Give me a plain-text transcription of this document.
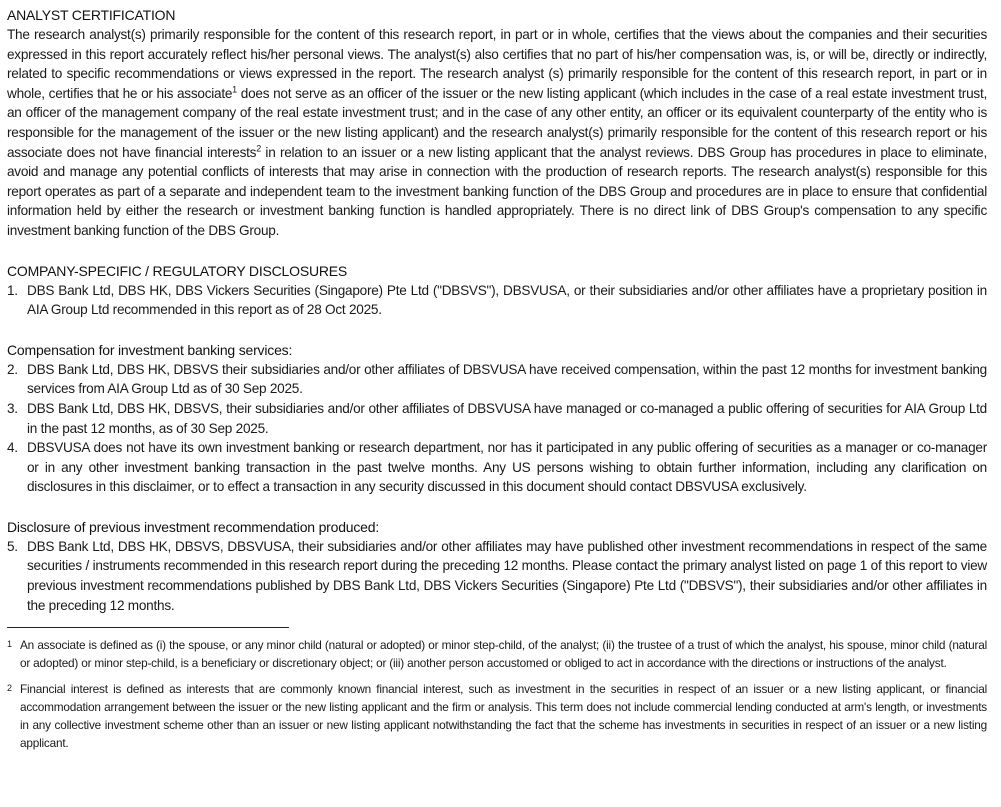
ANALYST CERTIFICATION

The research analyst(s) primarily responsible for the content of this research report, in part or in whole, certifies that the views about the companies and their securities expressed in this report accurately reflect his/her personal views. The analyst(s) also certifies that no part of his/her compensation was, is, or will be, directly or indirectly, related to specific recommendations or views expressed in the report. The research analyst (s) primarily responsible for the content of this research report, in part or in whole, certifies that he or his associate$^1$ does not serve as an officer of the issuer or the new listing applicant (which includes in the case of a real estate investment trust, an officer of the management company of the real estate investment trust; and in the case of any other entity, an officer or its equivalent counterparty of the entity who is responsible for the management of the issuer or the new listing applicant) and the research analyst(s) primarily responsible for the content of this research report or his associate does not have financial interests$^2$ in relation to an issuer or a new listing applicant that the analyst reviews. DBS Group has procedures in place to eliminate, avoid and manage any potential conflicts of interests that may arise in connection with the production of research reports. The research analyst(s) responsible for this report operates as part of a separate and independent team to the investment banking function of the DBS Group and procedures are in place to ensure that confidential information held by either the research or investment banking function is handled appropriately. There is no direct link of DBS Group's compensation to any specific investment banking function of the DBS Group.

COMPANY-SPECIFIC / REGULATORY DISCLOSURES
1. DBS Bank Ltd, DBS HK, DBS Vickers Securities (Singapore) Pte Ltd ("DBSVS"), DBSVUSA, or their subsidiaries and/or other affiliates have a proprietary position in AIA Group Ltd recommended in this report as of 28 Oct 2025.
Compensation for investment banking services:
2. DBS Bank Ltd, DBS HK, DBSVS their subsidiaries and/or other affiliates of DBSVUSA have received compensation, within the past 12 months for investment banking services from AIA Group Ltd as of 30 Sep 2025.
3. DBS Bank Ltd, DBS HK, DBSVS, their subsidiaries and/or other affiliates of DBSVUSA have managed or co-managed a public offering of securities for AIA Group Ltd in the past 12 months, as of 30 Sep 2025.
4. DBSVUSA does not have its own investment banking or research department, nor has it participated in any public offering of securities as a manager or co-manager or in any other investment banking transaction in the past twelve months. Any US persons wishing to obtain further information, including any clarification on disclosures in this disclaimer, or to effect a transaction in any security discussed in this document should contact DBSVUSA exclusively.
Disclosure of previous investment recommendation produced:
5. DBS Bank Ltd, DBS HK, DBSVS, DBSVUSA, their subsidiaries and/or other affiliates may have published other investment recommendations in respect of the same securities / instruments recommended in this research report during the preceding 12 months. Please contact the primary analyst listed on page 1 of this report to view previous investment recommendations published by DBS Bank Ltd, DBS Vickers Securities (Singapore) Pte Ltd ("DBSVS"), their subsidiaries and/or other affiliates in the preceding 12 months.
1 An associate is defined as (i) the spouse, or any minor child (natural or adopted) or minor step-child, of the analyst; (ii) the trustee of a trust of which the analyst, his spouse, minor child (natural or adopted) or minor step-child, is a beneficiary or discretionary object; or (iii) another person accustomed or obliged to act in accordance with the directions or instructions of the analyst.
2 Financial interest is defined as interests that are commonly known financial interest, such as investment in the securities in respect of an issuer or a new listing applicant, or financial accommodation arrangement between the issuer or the new listing applicant and the firm or analysis. This term does not include commercial lending conducted at arm's length, or investments in any collective investment scheme other than an issuer or new listing applicant notwithstanding the fact that the scheme has investments in securities in respect of an issuer or a new listing applicant.
